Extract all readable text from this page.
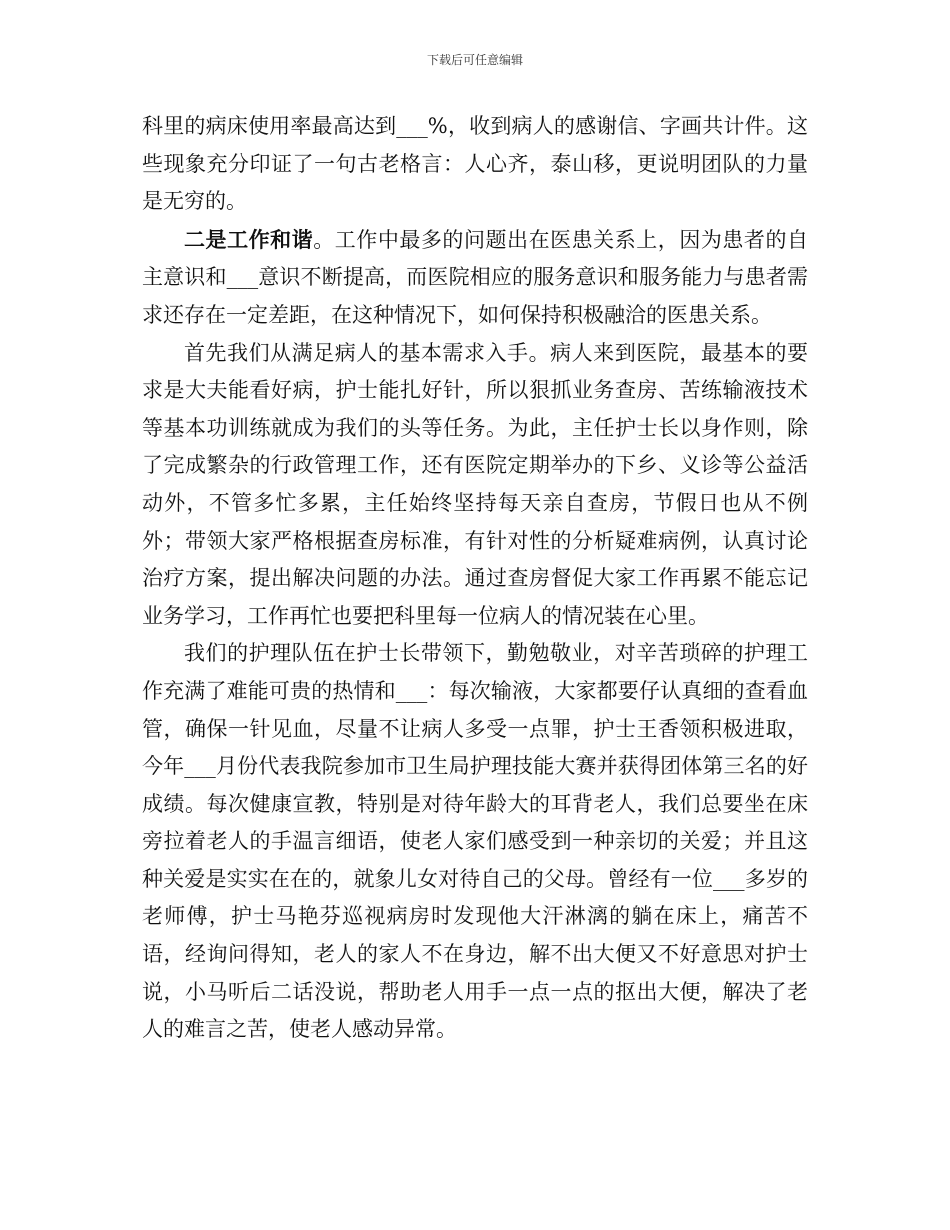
下载后可任意编辑

科里的病床使用率最高达到___%，收到病人的感谢信、字画共计件。这些现象充分印证了一句古老格言：人心齐，泰山移，更说明团队的力量是无穷的。

二是工作和谐。工作中最多的问题出在医患关系上，因为患者的自主意识和___意识不断提高，而医院相应的服务意识和服务能力与患者需求还存在一定差距，在这种情况下，如何保持积极融洽的医患关系。

首先我们从满足病人的基本需求入手。病人来到医院，最基本的要求是大夫能看好病，护士能扎好针，所以狠抓业务查房、苦练输液技术等基本功训练就成为我们的头等任务。为此，主任护士长以身作则，除了完成繁杂的行政管理工作，还有医院定期举办的下乡、义诊等公益活动外，不管多忙多累，主任始终坚持每天亲自查房，节假日也从不例外；带领大家严格根据查房标准，有针对性的分析疑难病例，认真讨论治疗方案，提出解决问题的办法。通过查房督促大家工作再累不能忘记业务学习，工作再忙也要把科里每一位病人的情况装在心里。

我们的护理队伍在护士长带领下，勤勉敬业，对辛苦琐碎的护理工作充满了难能可贵的热情和___：每次输液，大家都要仔认真细的查看血管，确保一针见血，尽量不让病人多受一点罪，护士王香领积极进取，今年___月份代表我院参加市卫生局护理技能大赛并获得团体第三名的好成绩。每次健康宣教，特别是对待年龄大的耳背老人，我们总要坐在床旁拉着老人的手温言细语，使老人家们感受到一种亲切的关爱；并且这种关爱是实实在在的，就象儿女对待自己的父母。曾经有一位___多岁的老师傅，护士马艳芬巡视病房时发现他大汗淋漓的躺在床上，痛苦不语，经询问得知，老人的家人不在身边，解不出大便又不好意思对护士说，小马听后二话没说，帮助老人用手一点一点的抠出大便，解决了老人的难言之苦，使老人感动异常。
